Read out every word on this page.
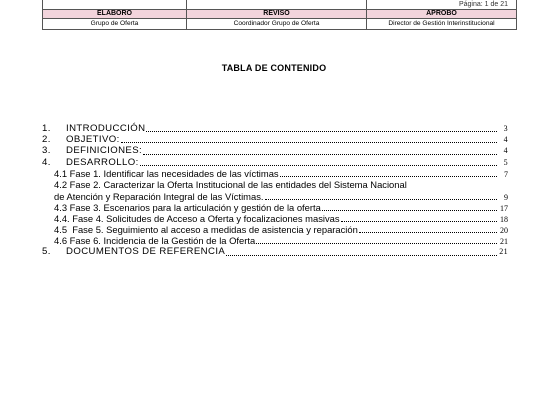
		Página: 1 de 21
ELABORÓ	REVISÓ	APROBÓ
Grupo de Oferta	Coordinador Grupo de Oferta	Director de Gestión Interinstitucional
TABLA DE CONTENIDO
1.	INTRODUCCIÓN	3
2.	OBJETIVO:	4
3.	DEFINICIONES:	4
4.	DESARROLLO:	5
4.1 Fase 1. Identificar las necesidades de las víctimas	7
4.2 Fase 2. Caracterizar la Oferta Institucional de las entidades del Sistema Nacional
de Atención y Reparación Integral de las Víctimas.	9
4.3 Fase 3. Escenarios para la articulación y gestión de la oferta	17
4.4. Fase 4. Solicitudes de Acceso a Oferta y focalizaciones masivas	18
4.5  Fase 5. Seguimiento al acceso a medidas de asistencia y reparación	20
4.6 Fase 6. Incidencia de la Gestión de la Oferta	21
5.	DOCUMENTOS DE REFERENCIA	21
